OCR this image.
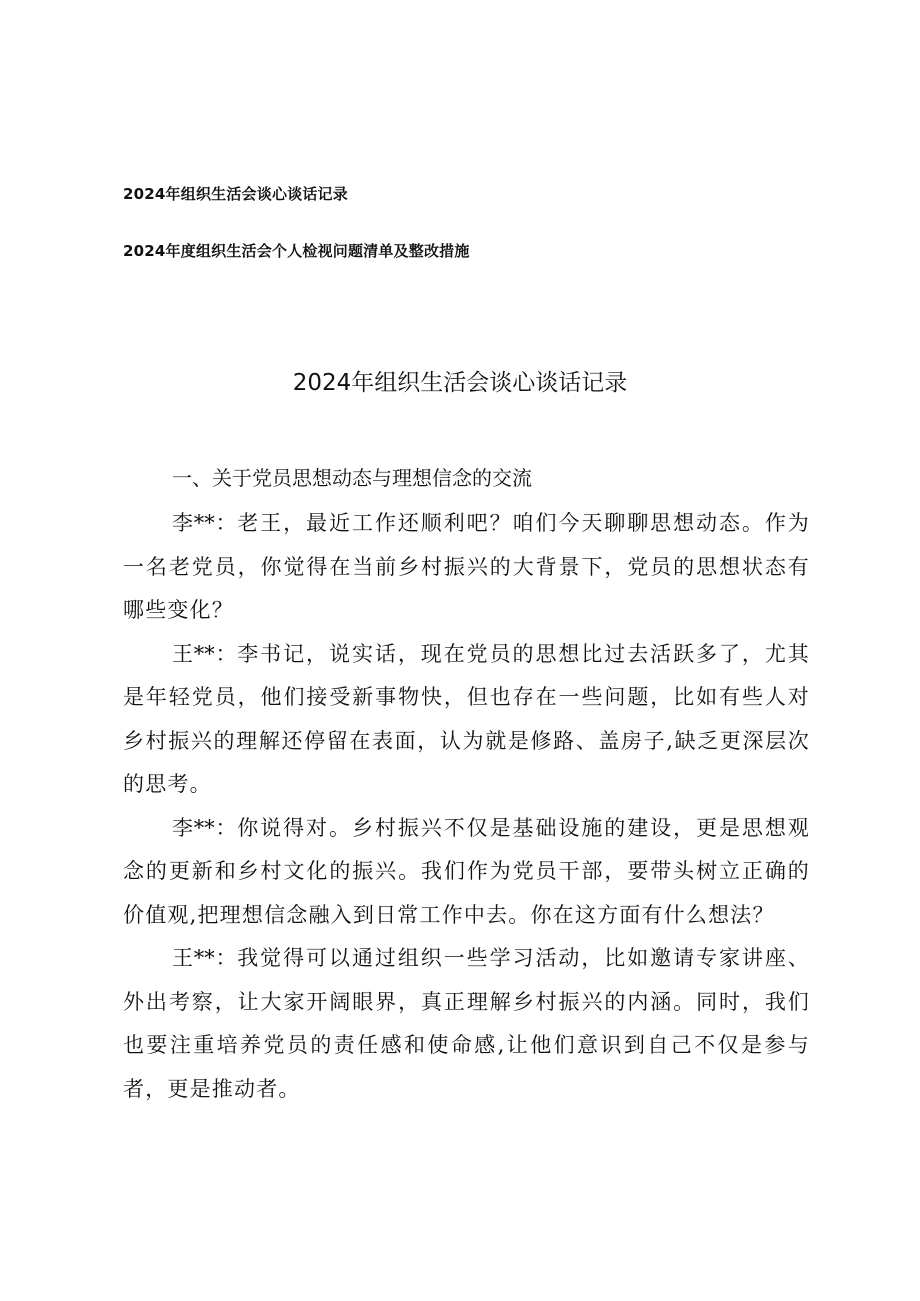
2024年组织生活会谈心谈话记录

2024年度组织生活会个人检视问题清单及整改措施

2024年组织生活会谈心谈话记录
一、关于党员思想动态与理想信念的交流

李**：老王，最近工作还顺利吧？咱们今天聊聊思想动态。作为一名老党员，你觉得在当前乡村振兴的大背景下，党员的思想状态有哪些变化？

王**：李书记，说实话，现在党员的思想比过去活跃多了，尤其是年轻党员，他们接受新事物快，但也存在一些问题，比如有些人对乡村振兴的理解还停留在表面，认为就是修路、盖房子,缺乏更深层次的思考。

李**：你说得对。乡村振兴不仅是基础设施的建设，更是思想观念的更新和乡村文化的振兴。我们作为党员干部，要带头树立正确的价值观,把理想信念融入到日常工作中去。你在这方面有什么想法？

王**：我觉得可以通过组织一些学习活动，比如邀请专家讲座、外出考察，让大家开阔眼界，真正理解乡村振兴的内涵。同时，我们也要注重培养党员的责任感和使命感,让他们意识到自己不仅是参与者，更是推动者。
